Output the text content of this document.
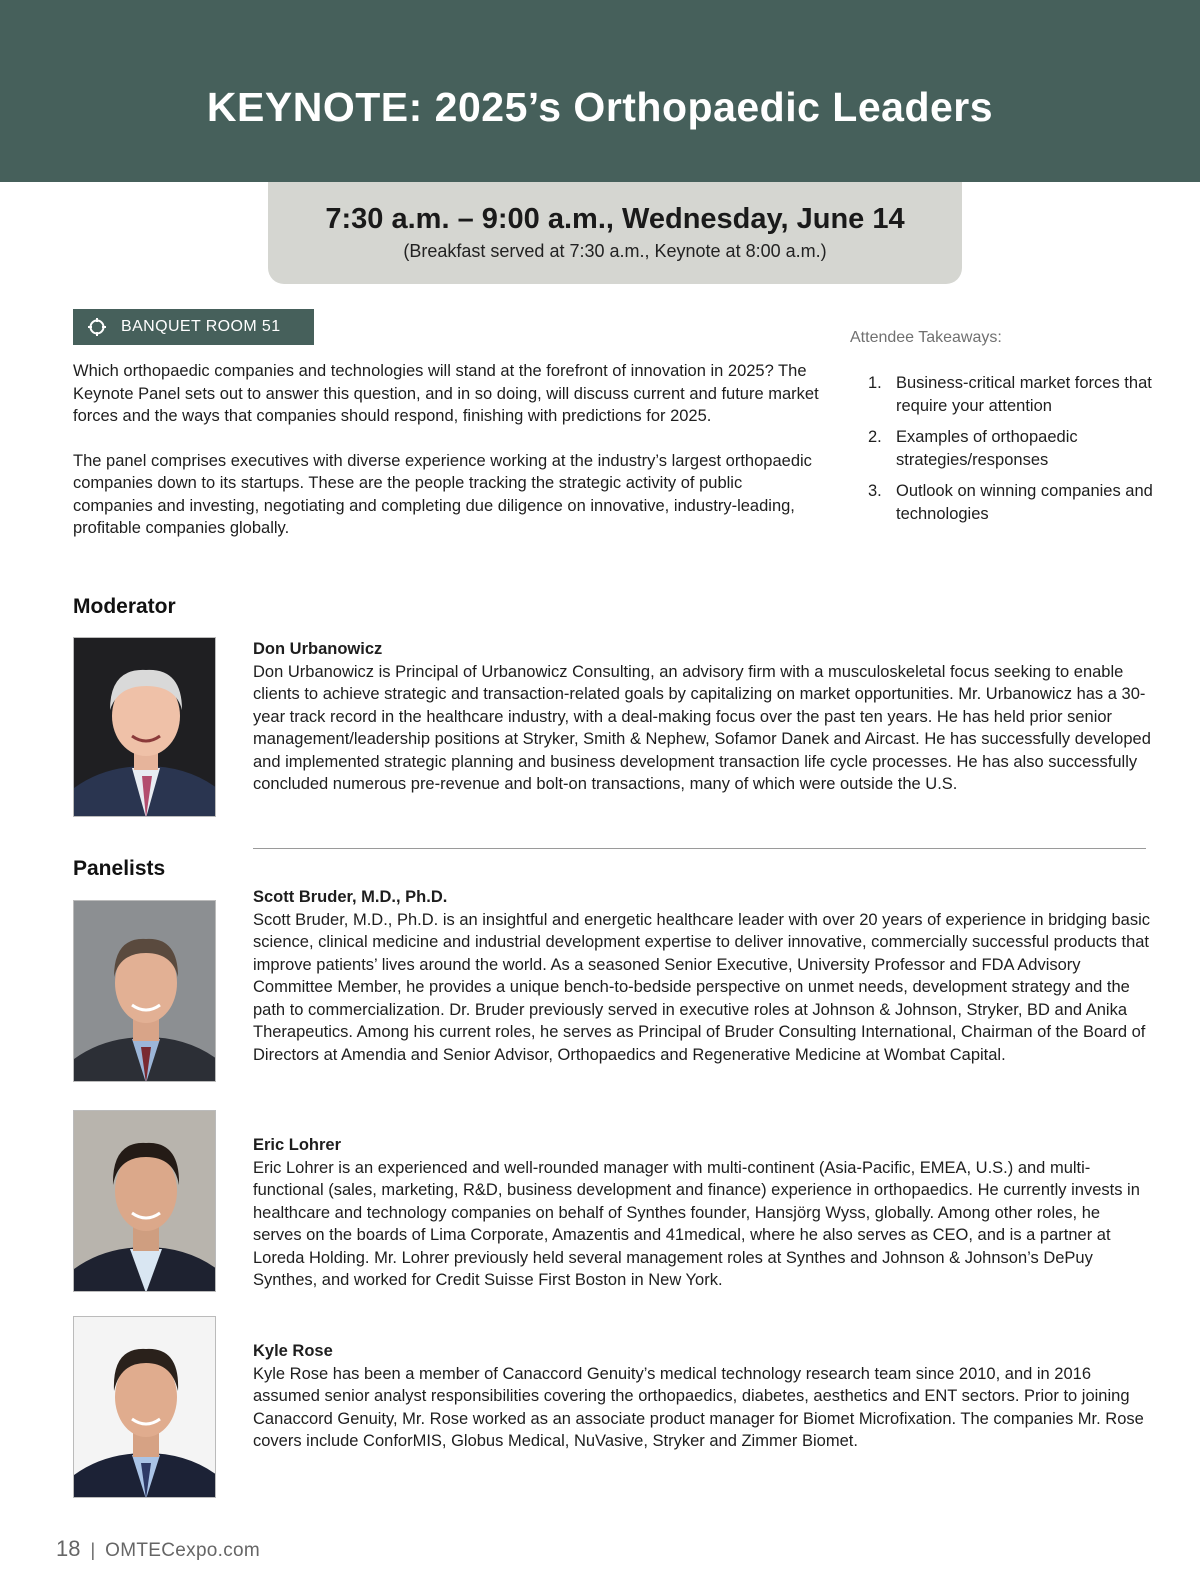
KEYNOTE: 2025’s Orthopaedic Leaders
7:30 a.m. – 9:00 a.m., Wednesday, June 14
(Breakfast served at 7:30 a.m., Keynote at 8:00 a.m.)
BANQUET ROOM 51

Which orthopaedic companies and technologies will stand at the forefront of innovation in 2025? The Keynote Panel sets out to answer this question, and in so doing, will discuss current and future market forces and the ways that companies should respond, finishing with predictions for 2025.

The panel comprises executives with diverse experience working at the industry’s largest orthopaedic companies down to its startups. These are the people tracking the strategic activity of public companies and investing, negotiating and completing due diligence on innovative, industry-leading, profitable companies globally.

Attendee Takeaways:
1. Business-critical market forces that require your attention
2. Examples of orthopaedic strategies/responses
3. Outlook on winning companies and technologies
Moderator
Don Urbanowicz
Don Urbanowicz is Principal of Urbanowicz Consulting, an advisory firm with a musculoskeletal focus seeking to enable clients to achieve strategic and transaction-related goals by capitalizing on market opportunities. Mr. Urbanowicz has a 30-year track record in the healthcare industry, with a deal-making focus over the past ten years. He has held prior senior management/leadership positions at Stryker, Smith & Nephew, Sofamor Danek and Aircast. He has successfully developed and implemented strategic planning and business development transaction life cycle processes. He has also successfully concluded numerous pre-revenue and bolt-on transactions, many of which were outside the U.S.
Panelists
Scott Bruder, M.D., Ph.D.
Scott Bruder, M.D., Ph.D. is an insightful and energetic healthcare leader with over 20 years of experience in bridging basic science, clinical medicine and industrial development expertise to deliver innovative, commercially successful products that improve patients’ lives around the world. As a seasoned Senior Executive, University Professor and FDA Advisory Committee Member, he provides a unique bench-to-bedside perspective on unmet needs, development strategy and the path to commercialization. Dr. Bruder previously served in executive roles at Johnson & Johnson, Stryker, BD and Anika Therapeutics. Among his current roles, he serves as Principal of Bruder Consulting International, Chairman of the Board of Directors at Amendia and Senior Advisor, Orthopaedics and Regenerative Medicine at Wombat Capital.
Eric Lohrer
Eric Lohrer is an experienced and well-rounded manager with multi-continent (Asia-Pacific, EMEA, U.S.) and multi-functional (sales, marketing, R&D, business development and finance) experience in orthopaedics. He currently invests in healthcare and technology companies on behalf of Synthes founder, Hansjörg Wyss, globally. Among other roles, he serves on the boards of Lima Corporate, Amazentis and 41medical, where he also serves as CEO, and is a partner at Loreda Holding. Mr. Lohrer previously held several management roles at Synthes and Johnson & Johnson’s DePuy Synthes, and worked for Credit Suisse First Boston in New York.
Kyle Rose
Kyle Rose has been a member of Canaccord Genuity’s medical technology research team since 2010, and in 2016 assumed senior analyst responsibilities covering the orthopaedics, diabetes, aesthetics and ENT sectors. Prior to joining Canaccord Genuity, Mr. Rose worked as an associate product manager for Biomet Microfixation. The companies Mr. Rose covers include ConforMIS, Globus Medical, NuVasive, Stryker and Zimmer Biomet.
18 | OMTECexpo.com
